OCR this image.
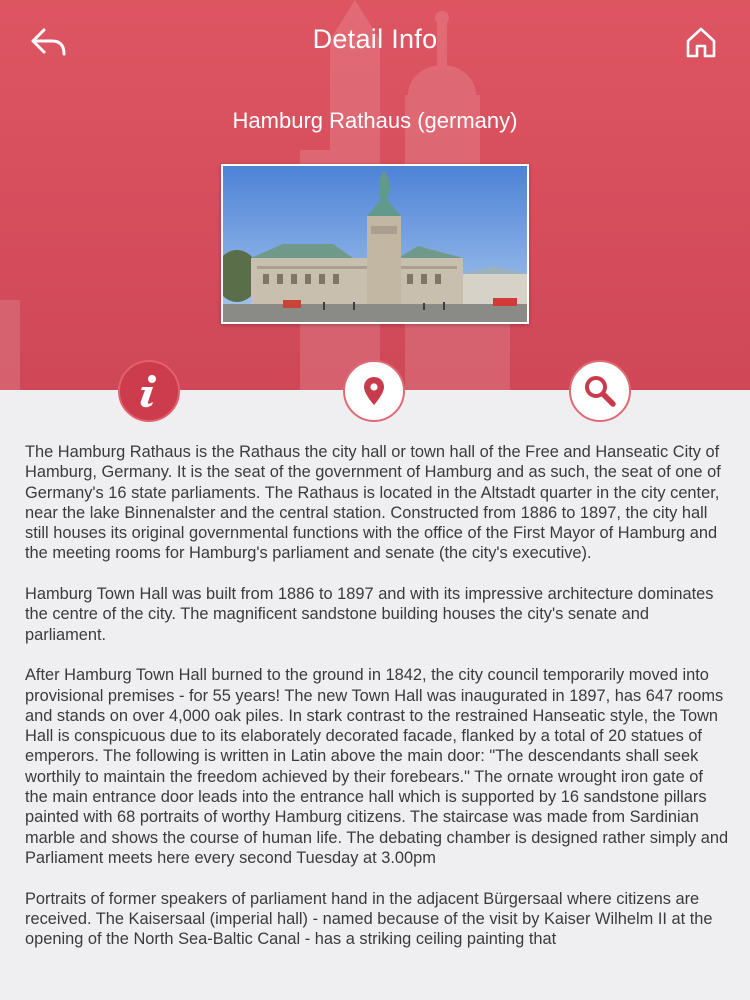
Detail Info
Hamburg Rathaus (germany)

The Hamburg Rathaus is the Rathaus the city hall or town hall of the Free and Hanseatic City of Hamburg, Germany. It is the seat of the government of Hamburg and as such, the seat of one of Germany's 16 state parliaments. The Rathaus is located in the Altstadt quarter in the city center, near the lake Binnenalster and the central station. Constructed from 1886 to 1897, the city hall still houses its original governmental functions with the office of the First Mayor of Hamburg and the meeting rooms for Hamburg's parliament and senate (the city's executive).

Hamburg Town Hall was built from 1886 to 1897 and with its impressive architecture dominates the centre of the city. The magnificent sandstone building houses the city's senate and parliament.

After Hamburg Town Hall burned to the ground in 1842, the city council temporarily moved into provisional premises - for 55 years! The new Town Hall was inaugurated in 1897, has 647 rooms and stands on over 4,000 oak piles. In stark contrast to the restrained Hanseatic style, the Town Hall is conspicuous due to its elaborately decorated facade, flanked by a total of 20 statues of emperors. The following is written in Latin above the main door: "The descendants shall seek worthily to maintain the freedom achieved by their forebears." The ornate wrought iron gate of the main entrance door leads into the entrance hall which is supported by 16 sandstone pillars painted with 68 portraits of worthy Hamburg citizens. The staircase was made from Sardinian marble and shows the course of human life. The debating chamber is designed rather simply and Parliament meets here every second Tuesday at 3.00pm

Portraits of former speakers of parliament hand in the adjacent Bürgersaal where citizens are received. The Kaisersaal (imperial hall) - named because of the visit by Kaiser Wilhelm II at the opening of the North Sea-Baltic Canal - has a striking ceiling painting that
